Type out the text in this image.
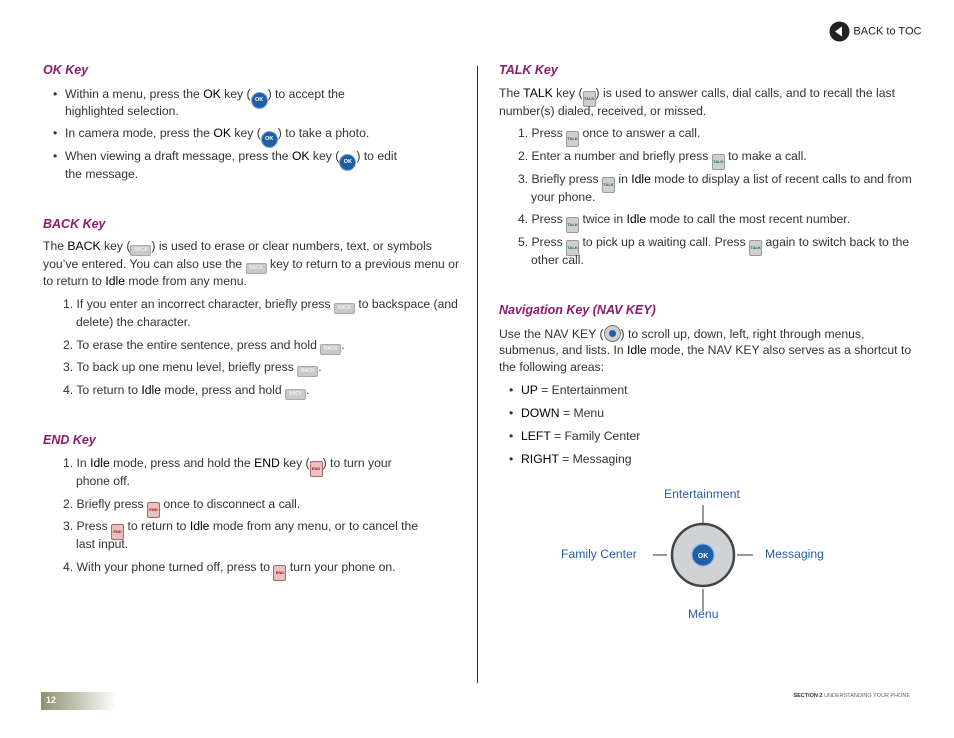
BACK to TOC
OK Key
• Within a menu, press the OK key ( OK ) to accept the
highlighted selection.
• In camera mode, press the OK key ( OK ) to take a photo.
• When viewing a draft message, press the OK key ( OK ) to edit
the message.
BACK Key
The BACK key ( BACK ) is used to erase or clear numbers, text, or symbols
you’ve entered. You can also use the BACK key to return to a previous menu or
to return to Idle mode from any menu.
1. If you enter an incorrect character, briefly press BACK to backspace (and
delete) the character.
2. To erase the entire sentence, press and hold BACK .
3. To back up one menu level, briefly press BACK .
4. To return to Idle mode, press and hold BACK .
END Key
1. In Idle mode, press and hold the END key ( END ) to turn your
phone off.
2. Briefly press END once to disconnect a call.
3. Press END to return to Idle mode from any menu, or to cancel the
last input.
4. With your phone turned off, press to END turn your phone on.
TALK Key
The TALK key (TALK) is used to answer calls, dial calls, and to recall the last
number(s) dialed, received, or missed.
1. Press TALK once to answer a call.
2. Enter a number and briefly press TALK to make a call.
3. Briefly press TALK in Idle mode to display a list of recent calls to and from
your phone.
4. Press TALK twice in Idle mode to call the most recent number.
5. Press TALK to pick up a waiting call. Press TALK again to switch back to the
other call.
Navigation Key (NAV KEY)
Use the NAV KEY ( ) to scroll up, down, left, right through menus,
submenus, and lists. In Idle mode, the NAV KEY also serves as a shortcut to
the following areas:
• UP = Entertainment
• DOWN = Menu
• LEFT = Family Center
• RIGHT = Messaging
Entertainment
Family Center	Messaging
Menu
OK
12	SECTION 2 UNDERSTANDING YOUR PHONE
